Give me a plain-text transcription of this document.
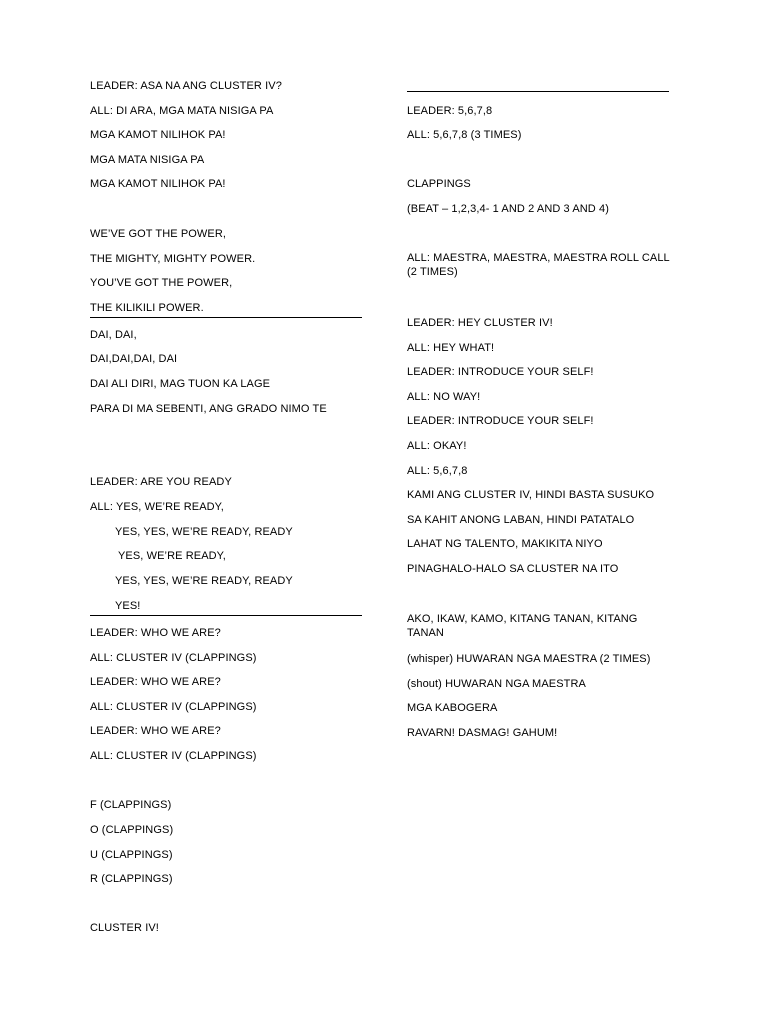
LEADER: ASA NA ANG CLUSTER IV?
ALL: DI ARA, MGA MATA NISIGA PA
MGA KAMOT NILIHOK PA!
MGA MATA NISIGA PA
MGA KAMOT NILIHOK PA!
WE’VE GOT THE POWER,
THE MIGHTY, MIGHTY POWER.
YOU’VE GOT THE POWER,
THE KILIKILI POWER.
DAI, DAI,
DAI,DAI,DAI, DAI
DAI ALI DIRI, MAG TUON KA LAGE
PARA DI MA SEBENTI, ANG GRADO NIMO TE
LEADER: ARE YOU READY
ALL: YES, WE’RE READY,
YES, YES, WE’RE READY, READY
YES, WE’RE READY,
YES, YES, WE’RE READY, READY
YES!
LEADER: WHO WE ARE?
ALL: CLUSTER IV (CLAPPINGS)
LEADER: WHO WE ARE?
ALL: CLUSTER IV (CLAPPINGS)
LEADER: WHO WE ARE?
ALL: CLUSTER IV (CLAPPINGS)
F (CLAPPINGS)
O (CLAPPINGS)
U (CLAPPINGS)
R (CLAPPINGS)
CLUSTER IV!
LEADER: 5,6,7,8
ALL: 5,6,7,8 (3 TIMES)
CLAPPINGS
(BEAT – 1,2,3,4- 1 AND 2 AND 3 AND 4)
ALL: MAESTRA, MAESTRA, MAESTRA ROLL CALL (2 TIMES)
LEADER: HEY CLUSTER IV!
ALL: HEY WHAT!
LEADER: INTRODUCE YOUR SELF!
ALL: NO WAY!
LEADER: INTRODUCE YOUR SELF!
ALL: OKAY!
ALL: 5,6,7,8
KAMI ANG CLUSTER IV, HINDI BASTA SUSUKO
SA KAHIT ANONG LABAN, HINDI PATATALO
LAHAT NG TALENTO, MAKIKITA NIYO
PINAGHALO-HALO SA CLUSTER NA ITO
AKO, IKAW, KAMO, KITANG TANAN, KITANG TANAN
(whisper) HUWARAN NGA MAESTRA (2 TIMES)
(shout) HUWARAN NGA MAESTRA
MGA KABOGERA
RAVARN! DASMAG! GAHUM!
